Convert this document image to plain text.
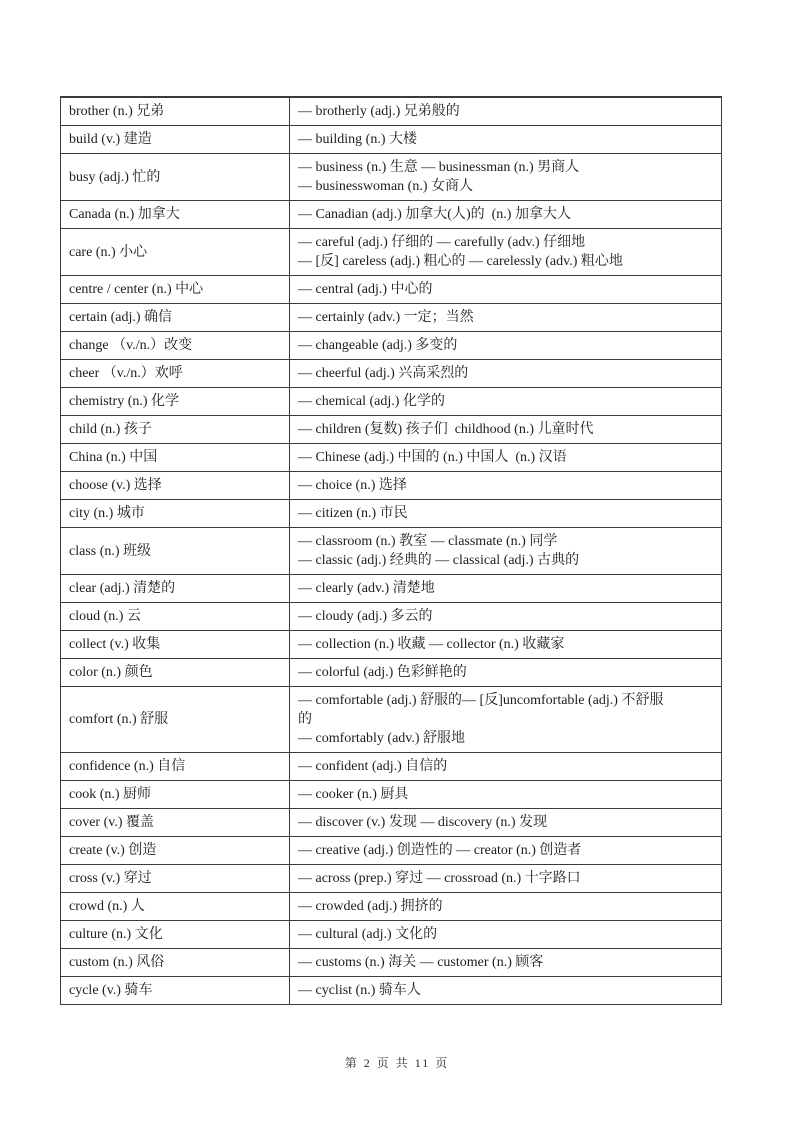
brother (n.) 兄弟	— brotherly (adj.) 兄弟般的

build (v.) 建造	— building (n.) 大楼

busy (adj.) 忙的	— business (n.) 生意 — businessman (n.) 男商人
— businesswoman (n.) 女商人

Canada (n.) 加拿大	— Canadian (adj.) 加拿大(人)的  (n.) 加拿大人

care (n.) 小心	— careful (adj.) 仔细的 — carefully (adv.) 仔细地
— [反] careless (adj.) 粗心的 — carelessly (adv.) 粗心地

centre / center (n.) 中心	— central (adj.) 中心的

certain (adj.) 确信	— certainly (adv.) 一定；当然

change （v./n.）改变	— changeable (adj.) 多变的

cheer （v./n.）欢呼	— cheerful (adj.) 兴高采烈的

chemistry (n.) 化学	— chemical (adj.) 化学的

child (n.) 孩子	— children (复数) 孩子们  childhood (n.) 儿童时代

China (n.) 中国	— Chinese (adj.) 中国的 (n.) 中国人  (n.) 汉语

choose (v.) 选择	— choice (n.) 选择

city (n.) 城市	— citizen (n.) 市民

class (n.) 班级	— classroom (n.) 教室 — classmate (n.) 同学
— classic (adj.) 经典的 — classical (adj.) 古典的

clear (adj.) 清楚的	— clearly (adv.) 清楚地

cloud (n.) 云	— cloudy (adj.) 多云的

collect (v.) 收集	— collection (n.) 收藏 — collector (n.) 收藏家

color (n.) 颜色	— colorful (adj.) 色彩鲜艳的

comfort (n.) 舒服	— comfortable (adj.) 舒服的— [反]uncomfortable (adj.) 不舒服
的
— comfortably (adv.) 舒服地

confidence (n.) 自信	— confident (adj.) 自信的

cook (n.) 厨师	— cooker (n.) 厨具

cover (v.) 覆盖	— discover (v.) 发现 — discovery (n.) 发现

create (v.) 创造	— creative (adj.) 创造性的 — creator (n.) 创造者

cross (v.) 穿过	— across (prep.) 穿过 — crossroad (n.) 十字路口

crowd (n.) 人	— crowded (adj.) 拥挤的

culture (n.) 文化	— cultural (adj.) 文化的

custom (n.) 风俗	— customs (n.) 海关 — customer (n.) 顾客

cycle (v.) 骑车	— cyclist (n.) 骑车人
第 2 页 共 11 页
